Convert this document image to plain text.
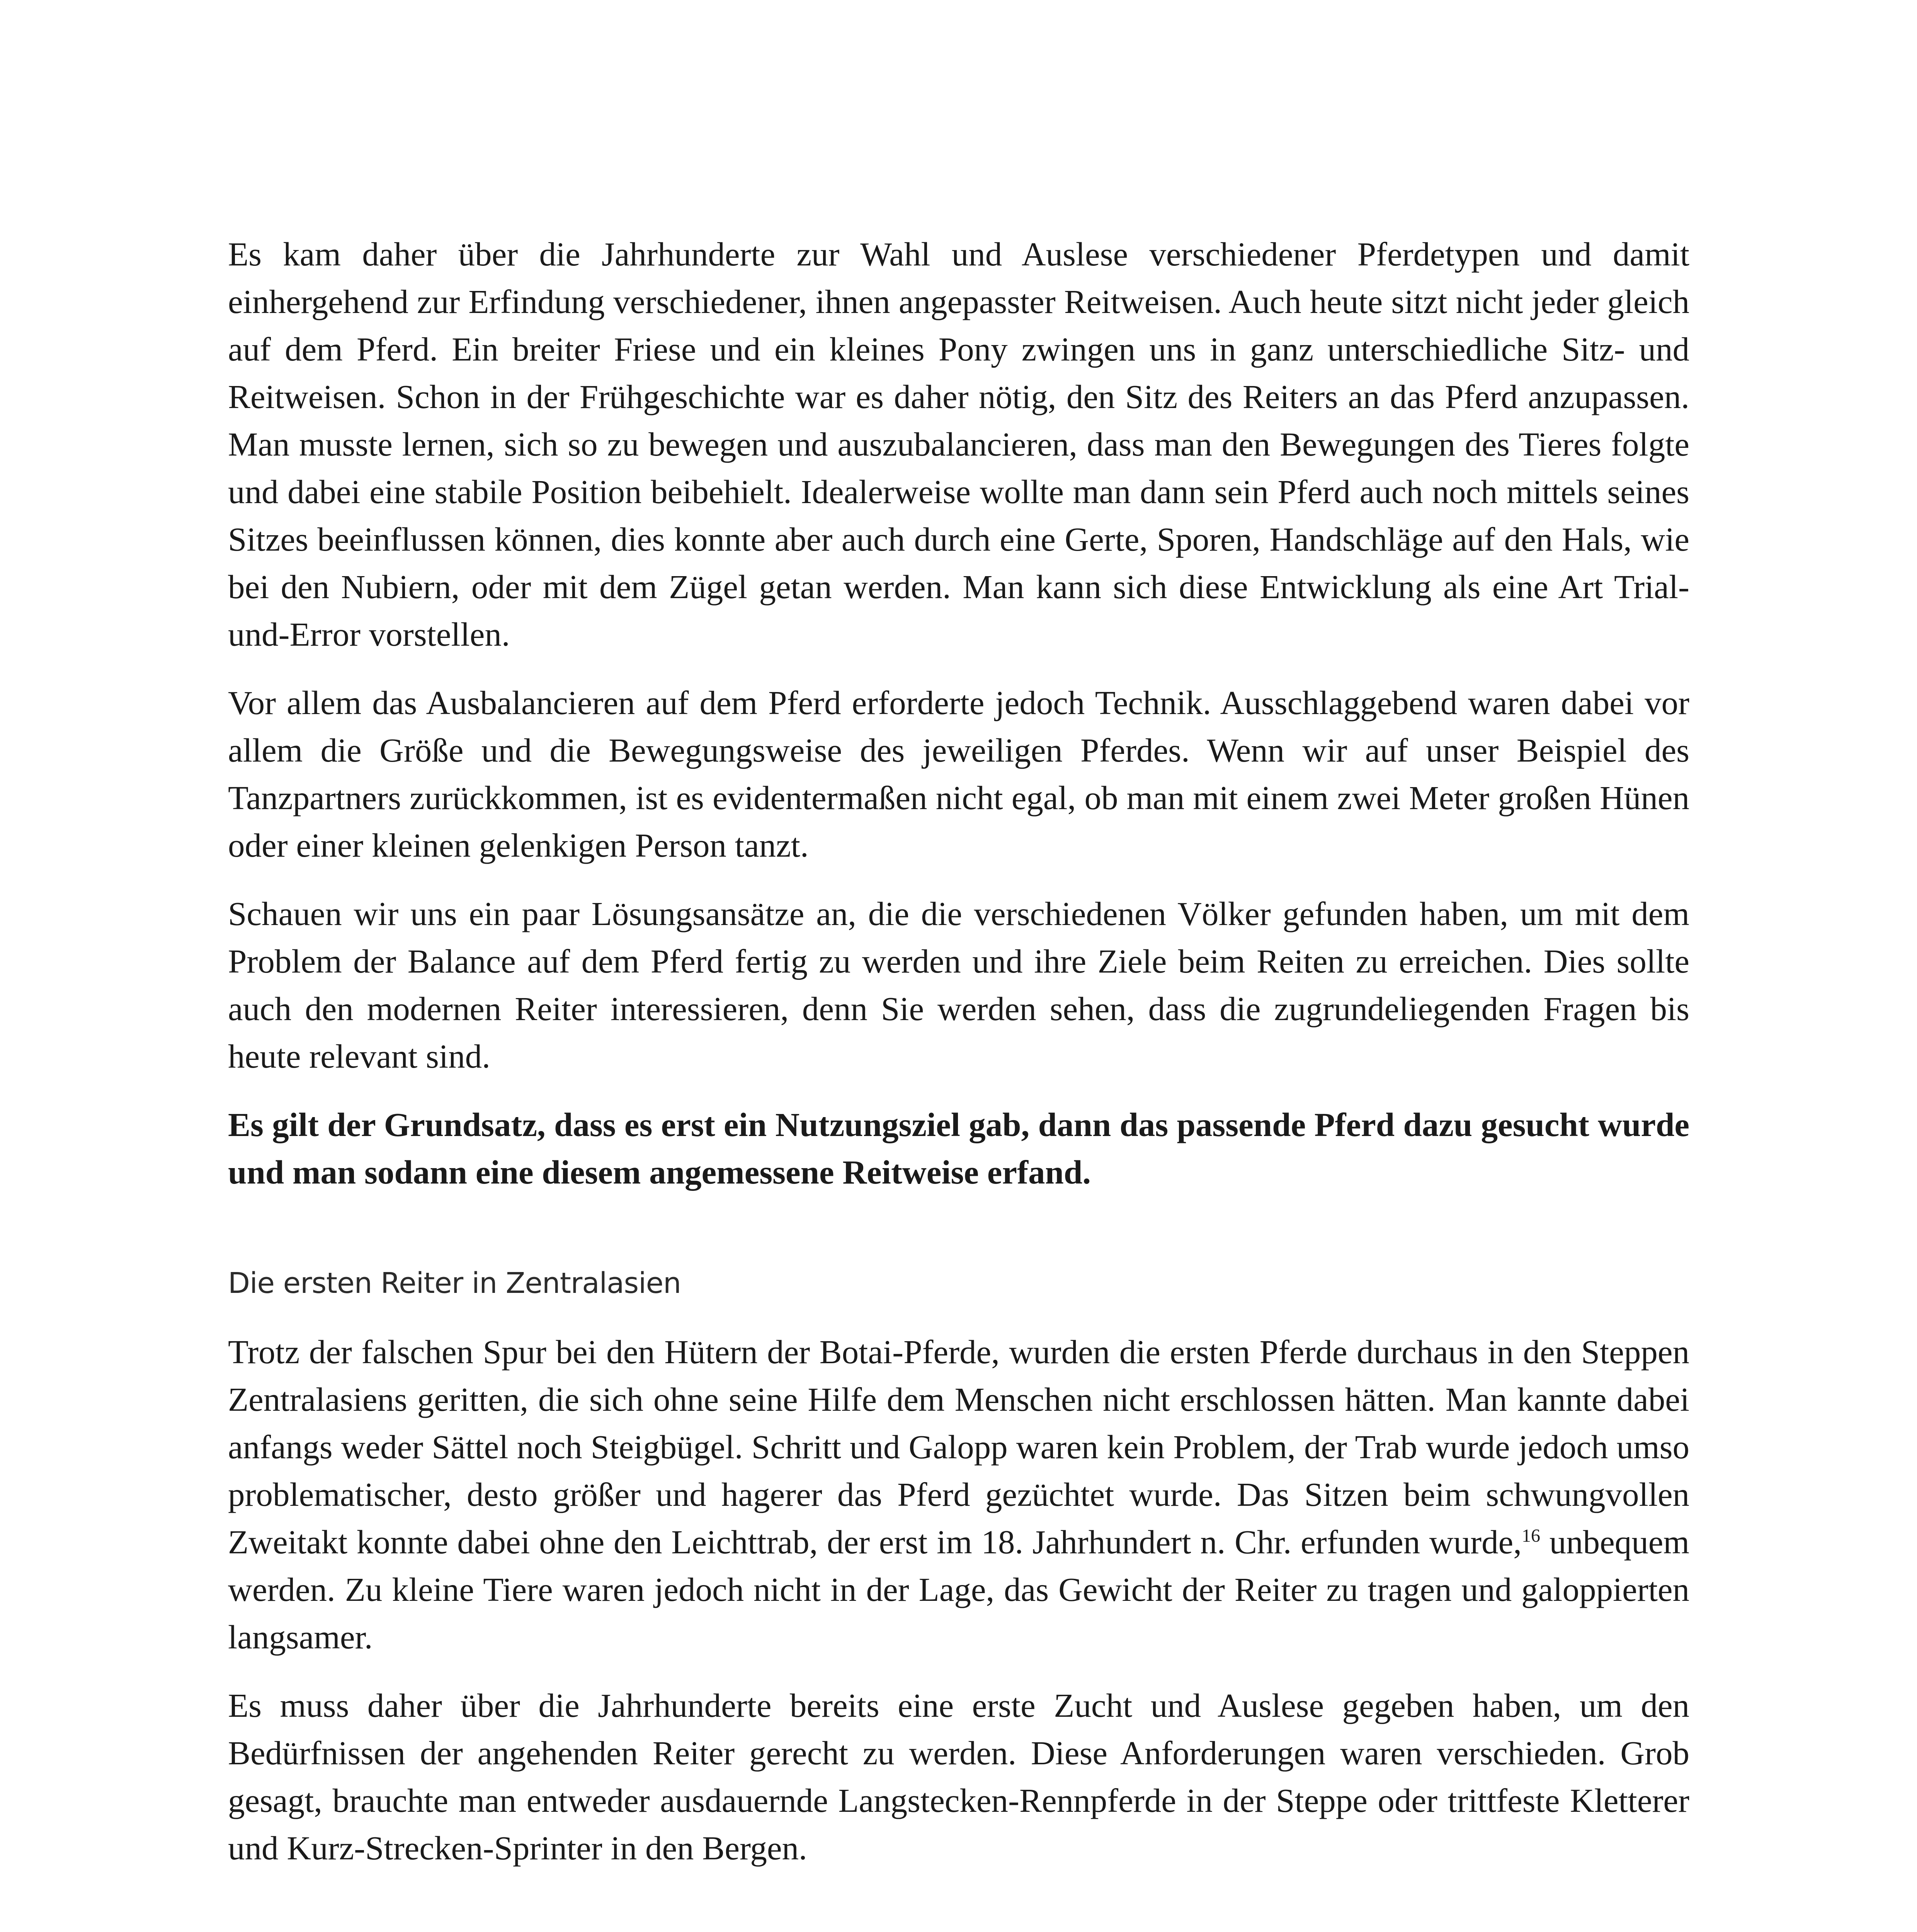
Es kam daher über die Jahrhunderte zur Wahl und Auslese verschiedener Pferdetypen und damit einhergehend zur Erfindung verschiedener, ihnen angepasster Reitweisen. Auch heute sitzt nicht jeder gleich auf dem Pferd. Ein breiter Friese und ein kleines Pony zwingen uns in ganz unterschiedliche Sitz- und Reitweisen. Schon in der Frühgeschichte war es daher nötig, den Sitz des Reiters an das Pferd anzupassen. Man musste lernen, sich so zu bewegen und auszubalancieren, dass man den Bewegungen des Tieres folgte und dabei eine stabile Position beibehielt. Idealerweise wollte man dann sein Pferd auch noch mittels seines Sitzes beeinflussen können, dies konnte aber auch durch eine Gerte, Sporen, Handschläge auf den Hals, wie bei den Nubiern, oder mit dem Zügel getan werden. Man kann sich diese Entwicklung als eine Art Trial-und-Error vorstellen.

Vor allem das Ausbalancieren auf dem Pferd erforderte jedoch Technik. Ausschlaggebend waren dabei vor allem die Größe und die Bewegungsweise des jeweiligen Pferdes. Wenn wir auf unser Beispiel des Tanzpartners zurückkommen, ist es evidentermaßen nicht egal, ob man mit einem zwei Meter großen Hünen oder einer kleinen gelenkigen Person tanzt.

Schauen wir uns ein paar Lösungsansätze an, die die verschiedenen Völker gefunden haben, um mit dem Problem der Balance auf dem Pferd fertig zu werden und ihre Ziele beim Reiten zu erreichen. Dies sollte auch den modernen Reiter interessieren, denn Sie werden sehen, dass die zugrundeliegenden Fragen bis heute relevant sind.

Es gilt der Grundsatz, dass es erst ein Nutzungsziel gab, dann das passende Pferd dazu gesucht wurde und man sodann eine diesem angemessene Reitweise erfand.

Die ersten Reiter in Zentralasien

Trotz der falschen Spur bei den Hütern der Botai-Pferde, wurden die ersten Pferde durchaus in den Steppen Zentralasiens geritten, die sich ohne seine Hilfe dem Menschen nicht erschlossen hätten. Man kannte dabei anfangs weder Sättel noch Steigbügel. Schritt und Galopp waren kein Problem, der Trab wurde jedoch umso problematischer, desto größer und hagerer das Pferd gezüchtet wurde. Das Sitzen beim schwungvollen Zweitakt konnte dabei ohne den Leichttrab, der erst im 18. Jahrhundert n. Chr. erfunden wurde,$^{16}$ unbequem werden. Zu kleine Tiere waren jedoch nicht in der Lage, das Gewicht der Reiter zu tragen und galoppierten langsamer.

Es muss daher über die Jahrhunderte bereits eine erste Zucht und Auslese gegeben haben, um den Bedürfnissen der angehenden Reiter gerecht zu werden. Diese Anforderungen waren verschieden. Grob gesagt, brauchte man entweder ausdauernde Langstecken-Rennpferde in der Steppe oder trittfeste Kletterer und Kurz-Strecken-Sprinter in den Bergen.
